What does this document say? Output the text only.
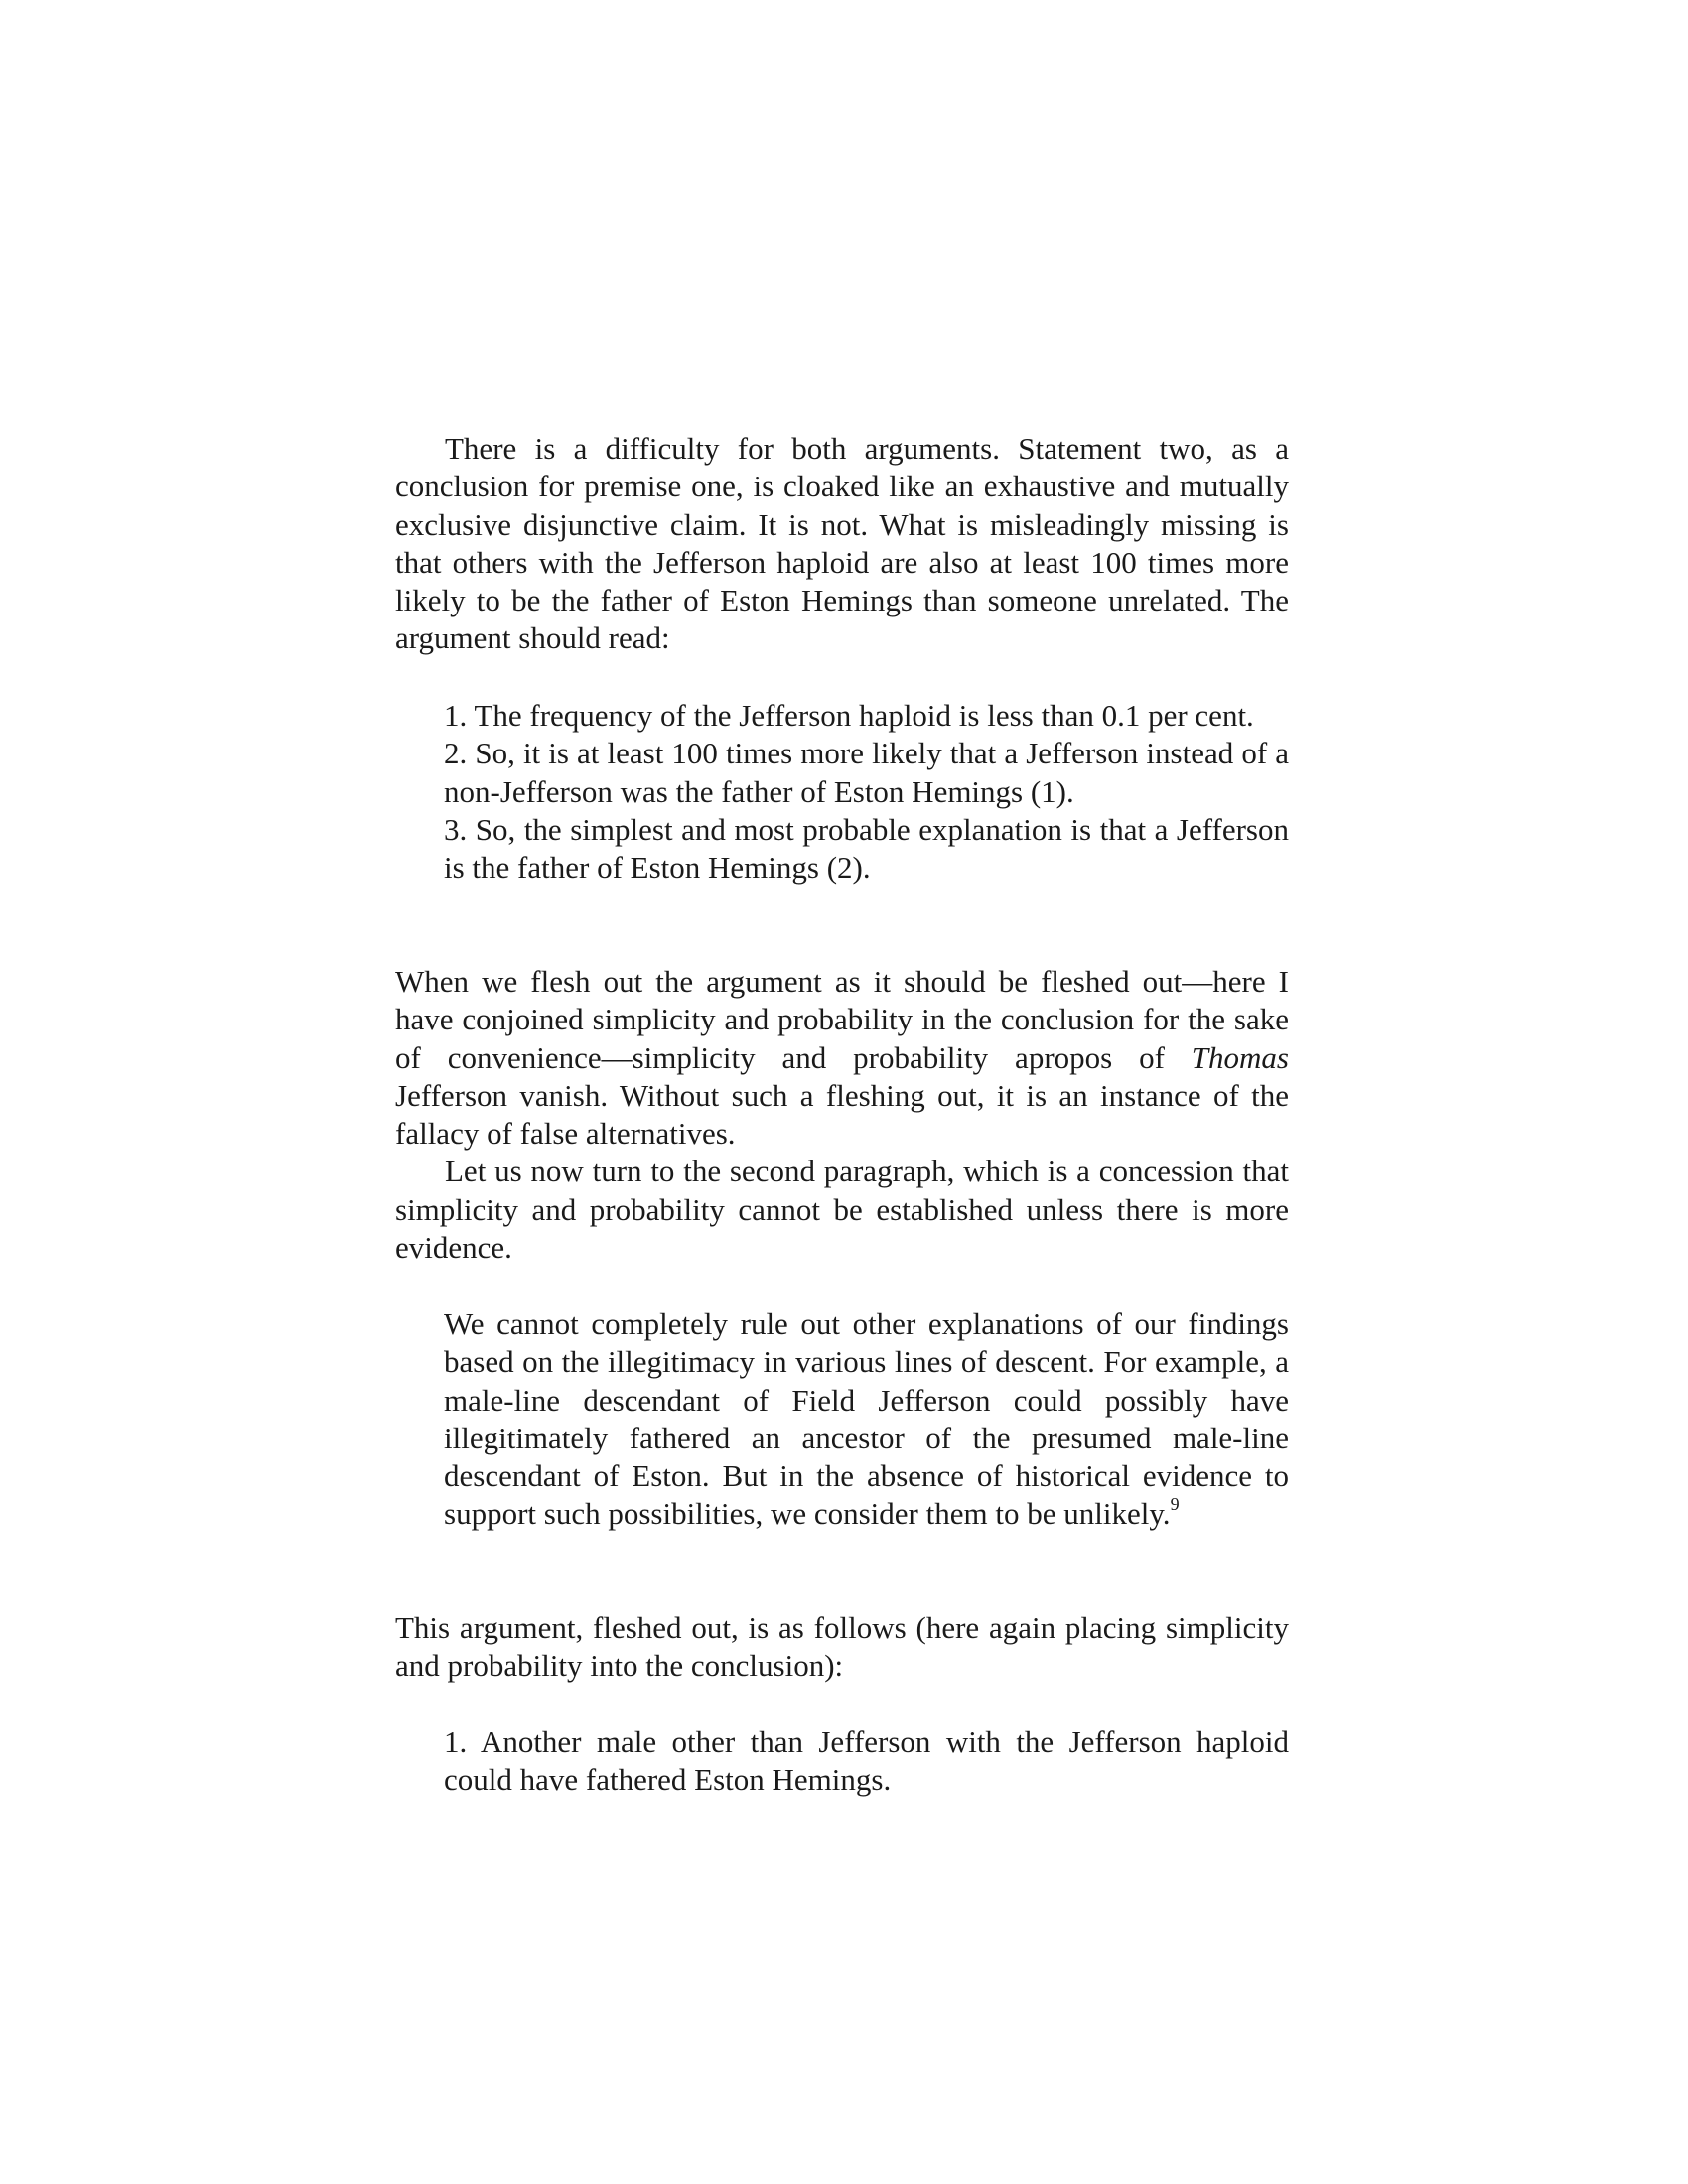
There is a difficulty for both arguments. Statement two, as a conclusion for premise one, is cloaked like an exhaustive and mutually exclusive disjunctive claim. It is not. What is misleadingly missing is that others with the Jefferson haploid are also at least 100 times more likely to be the father of Eston Hemings than someone unrelated. The argument should read:

1. The frequency of the Jefferson haploid is less than 0.1 per cent.

2. So, it is at least 100 times more likely that a Jefferson instead of a non-Jefferson was the father of Eston Hemings (1).

3. So, the simplest and most probable explanation is that a Jefferson is the father of Eston Hemings (2).

When we flesh out the argument as it should be fleshed out—here I have conjoined simplicity and probability in the conclusion for the sake of convenience—simplicity and probability apropos of Thomas Jefferson vanish. Without such a fleshing out, it is an instance of the fallacy of false alternatives.

Let us now turn to the second paragraph, which is a concession that simplicity and probability cannot be established unless there is more evidence.

We cannot completely rule out other explanations of our findings based on the illegitimacy in various lines of descent. For example, a male-line descendant of Field Jefferson could possibly have illegitimately fathered an ancestor of the presumed male-line descendant of Eston. But in the absence of historical evidence to support such possibilities, we consider them to be unlikely.$^9$

This argument, fleshed out, is as follows (here again placing simplicity and probability into the conclusion):

1. Another male other than Jefferson with the Jefferson haploid could have fathered Eston Hemings.
